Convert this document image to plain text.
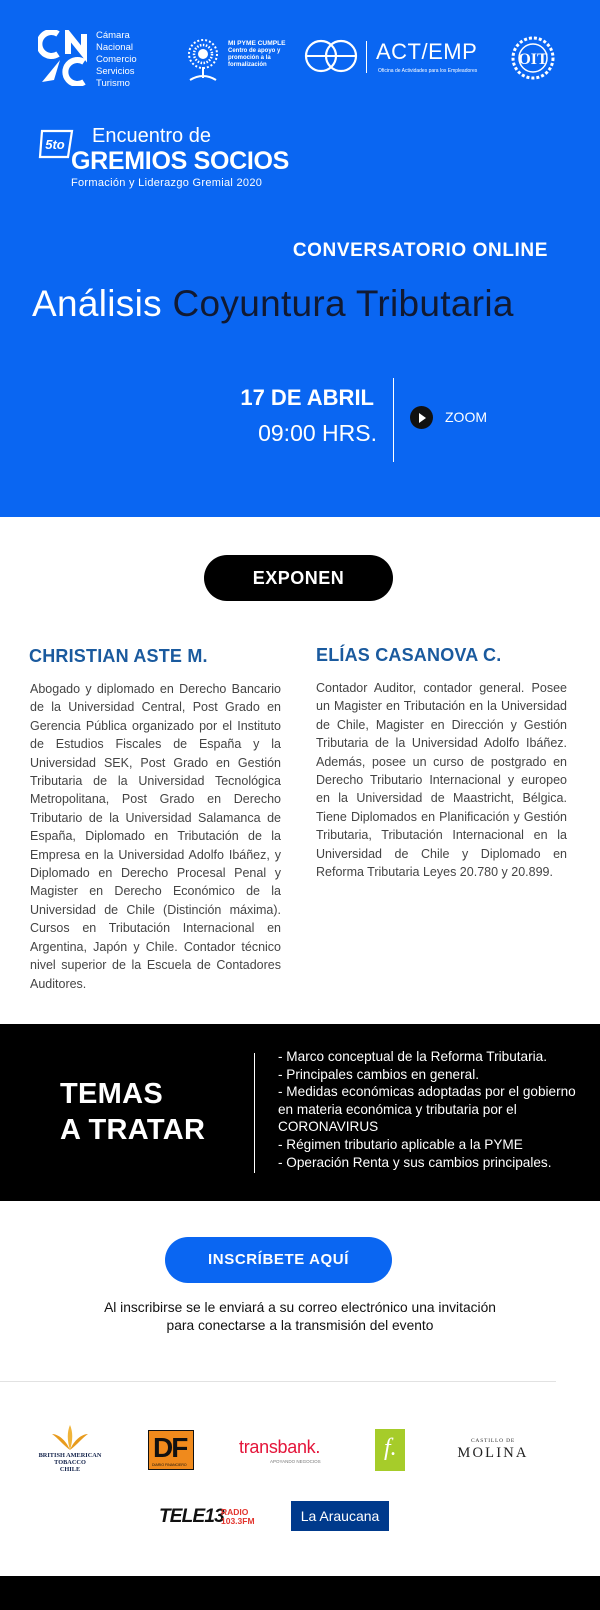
Cámara
Nacional
Comercio
Servicios
Turismo
MI PYME CUMPLE
Centro de apoyo y
promoción a la
formalización
ACT/EMP
Oficina de Actividades para los Empleadores
OIT
5to Encuentro de
GREMIOS SOCIOS
Formación y Liderazgo Gremial 2020
CONVERSATORIO ONLINE
Análisis Coyuntura Tributaria
17 DE ABRIL
09:00 HRS.
ZOOM
EXPONEN
CHRISTIAN ASTE M.

Abogado y diplomado en Derecho Bancario de la Universidad Central, Post Grado en Gerencia Pública organizado por el Instituto de Estudios Fiscales de España y la Universidad SEK, Post Grado en Gestión Tributaria de la Universidad Tecnológica Metropolitana, Post Grado en Derecho Tributario de la Universidad Salamanca de España, Diplomado en Tributación de la Empresa en la Universidad Adolfo Ibáñez, y Diplomado en Derecho Procesal Penal y Magister en Derecho Económico de la Universidad de Chile (Distinción máxima). Cursos en Tributación Internacional en Argentina, Japón y Chile. Contador técnico nivel superior de la Escuela de Contadores Auditores.

ELÍAS CASANOVA C.

Contador Auditor, contador general. Posee un Magister en Tributación en la Universidad de Chile, Magister en Dirección y Gestión Tributaria de la Universidad Adolfo Ibáñez. Además, posee un curso de postgrado en Derecho Tributario Internacional y europeo en la Universidad de Maastricht, Bélgica. Tiene Diplomados en Planificación y Gestión Tributaria, Tributación Internacional en la Universidad de Chile y Diplomado en Reforma Tributaria Leyes 20.780 y 20.899.

TEMAS
A TRATAR
- Marco conceptual de la Reforma Tributaria.
- Principales cambios en general.
- Medidas económicas adoptadas por el gobierno en materia económica y tributaria por el CORONAVIRUS
- Régimen tributario aplicable a la PYME
- Operación Renta y sus cambios principales.
INSCRÍBETE AQUÍ

Al inscribirse se le enviará a su correo electrónico una invitación
para conectarse a la transmisión del evento

BRITISH AMERICAN TOBACCO
CHILE
DF
DIARIO FINANCIERO
transbank.
APOYANDO NEGOCIOS
f.	CASTILLO DE
MOLINA
TELE13
RADIO
103.3FM	La Araucana
